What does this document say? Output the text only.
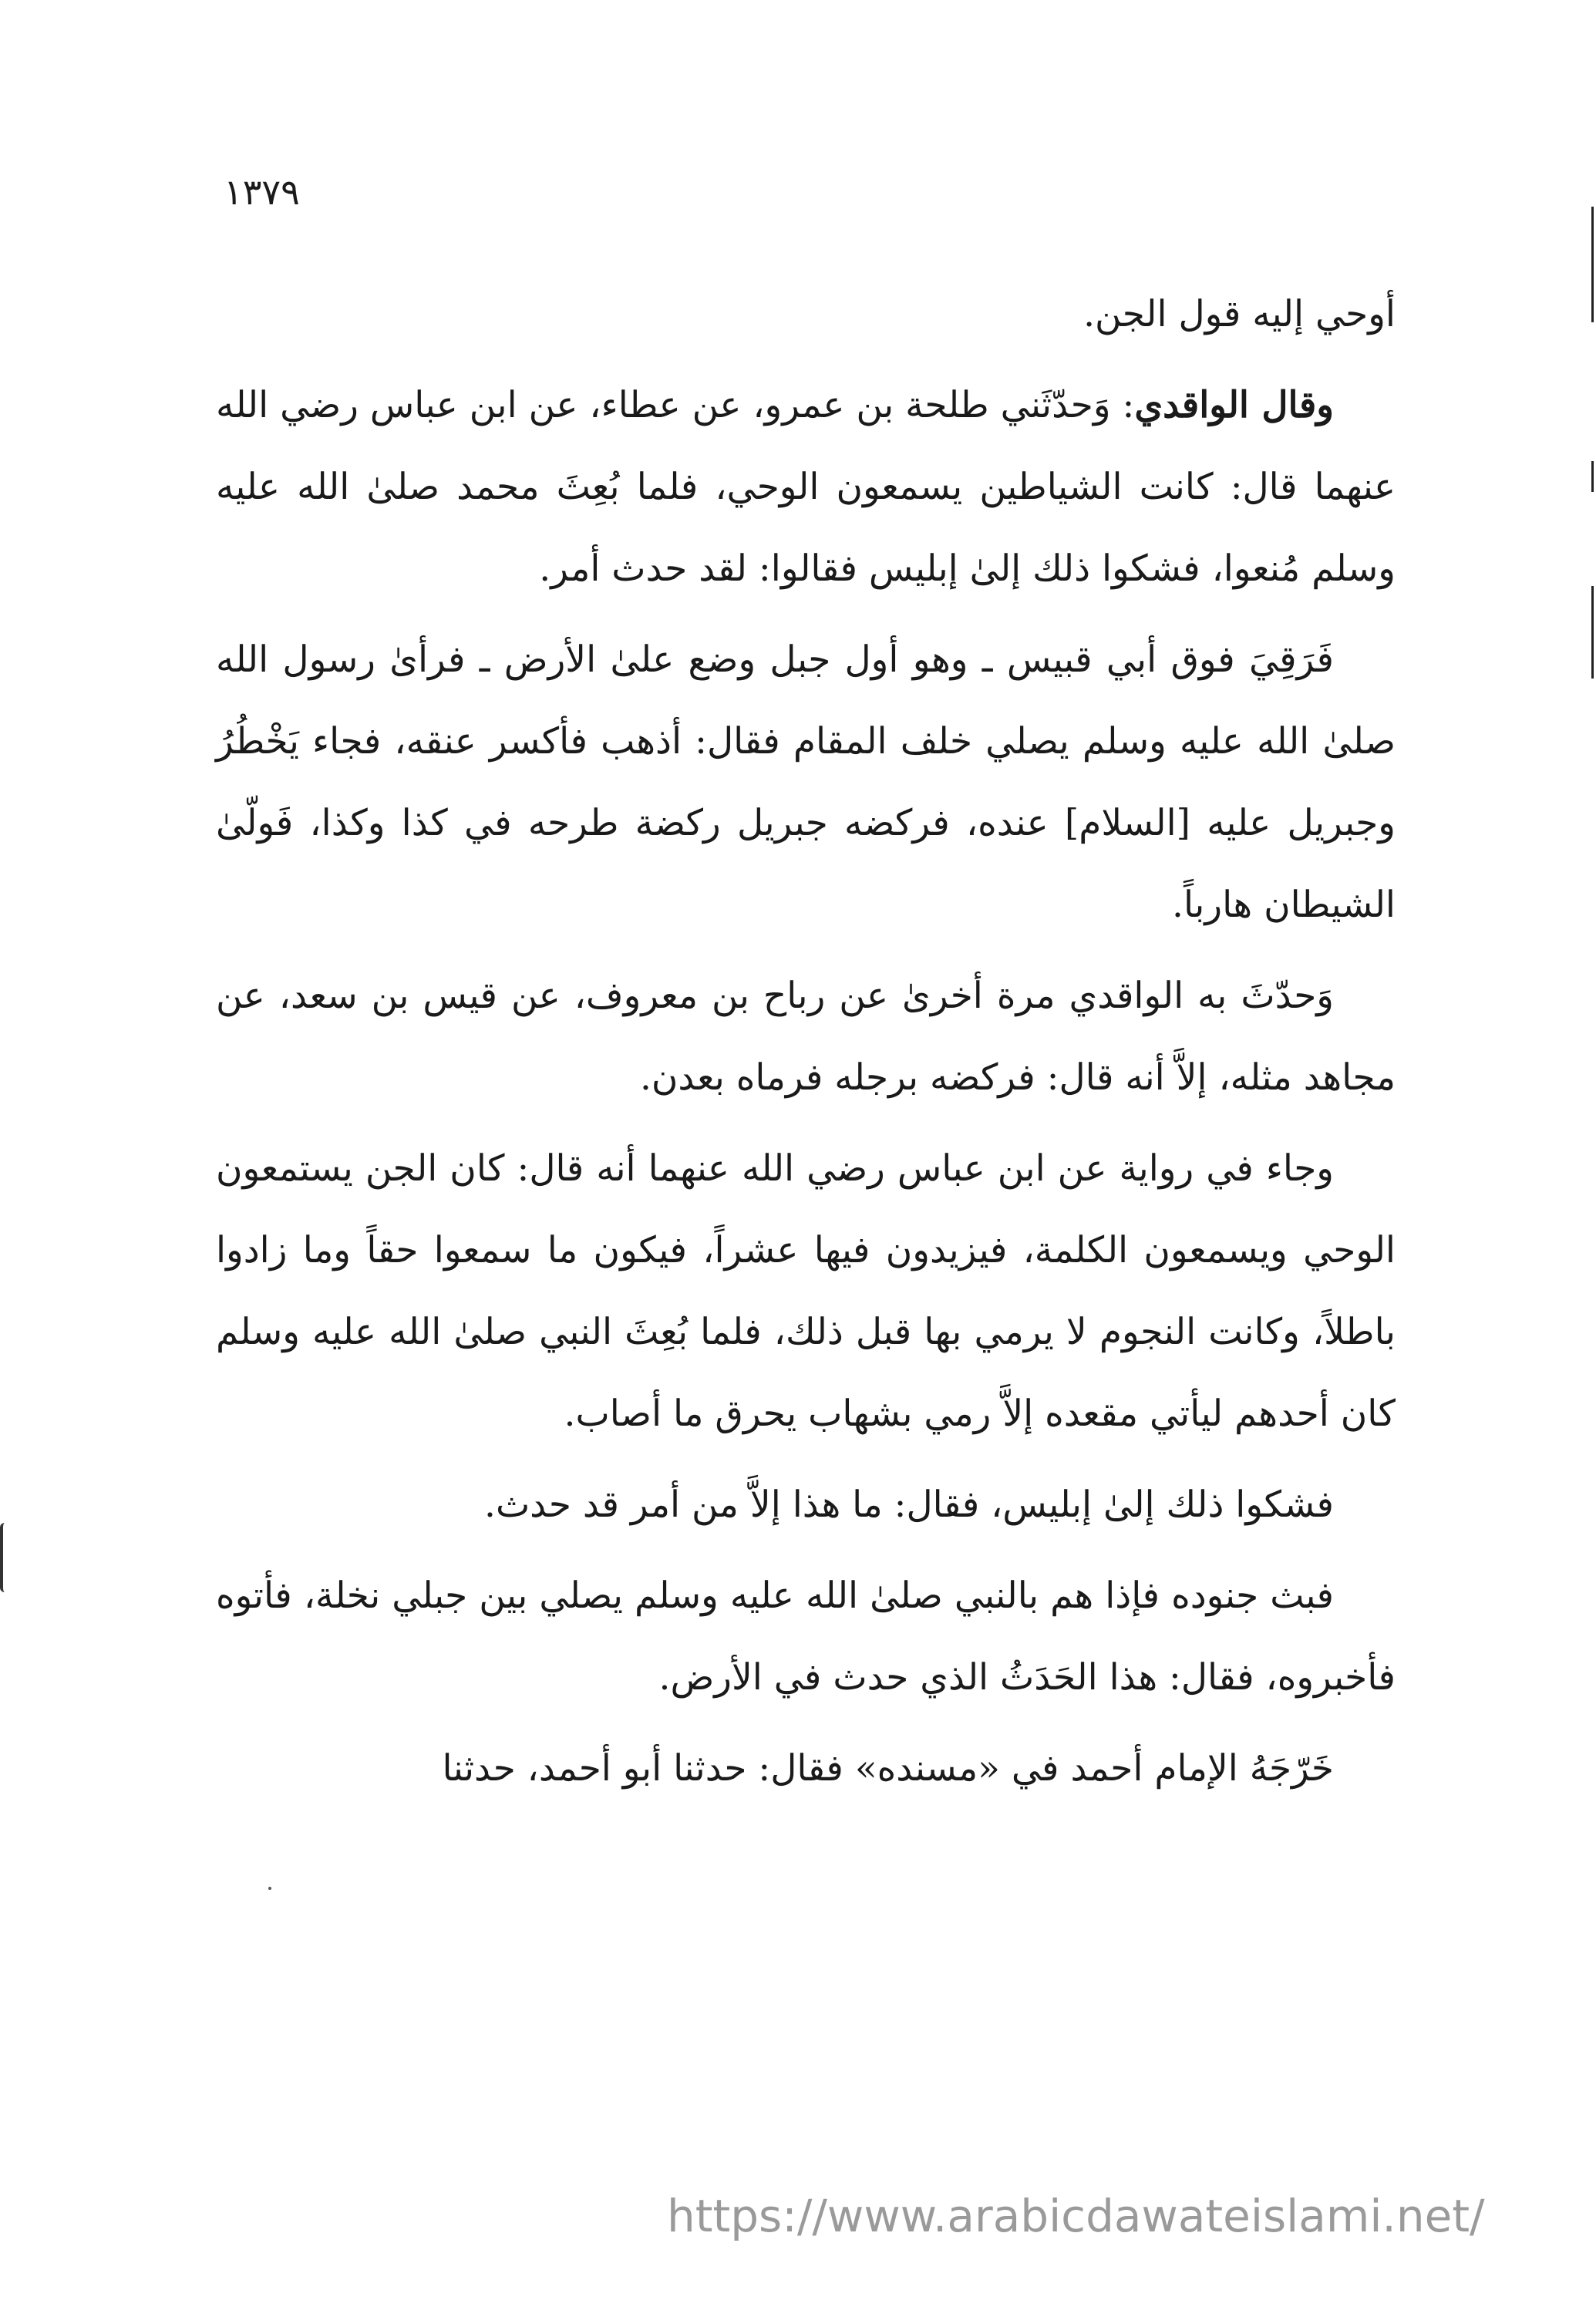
١٣٧٩

أوحي إليه قول الجن.

وقال الواقدي: وَحدّثَني طلحة بن عمرو، عن عطاء، عن ابن عباس رضي الله عنهما قال: كانت الشياطين يسمعون الوحي، فلما بُعِثَ محمد صلىٰ الله عليه وسلم مُنعوا، فشكوا ذلك إلىٰ إبليس فقالوا: لقد حدث أمر.

فَرَقِيَ فوق أبي قبيس ـ وهو أول جبل وضع علىٰ الأرض ـ فرأىٰ رسول الله صلىٰ الله عليه وسلم يصلي خلف المقام فقال: أذهب فأكسر عنقه، فجاء يَخْطُرُ وجبريل عليه [السلام] عنده، فركضه جبريل ركضة طرحه في كذا وكذا، فَولّىٰ الشيطان هارباً.

وَحدّثَ به الواقدي مرة أخرىٰ عن رباح بن معروف، عن قيس بن سعد، عن مجاهد مثله، إلاَّ أنه قال: فركضه برجله فرماه بعدن.

وجاء في رواية عن ابن عباس رضي الله عنهما أنه قال: كان الجن يستمعون الوحي ويسمعون الكلمة، فيزيدون فيها عشراً، فيكون ما سمعوا حقاً وما زادوا باطلاً، وكانت النجوم لا يرمي بها قبل ذلك، فلما بُعِثَ النبي صلىٰ الله عليه وسلم كان أحدهم ليأتي مقعده إلاَّ رمي بشهاب يحرق ما أصاب.

فشكوا ذلك إلىٰ إبليس، فقال: ما هذا إلاَّ من أمر قد حدث.

فبث جنوده فإذا هم بالنبي صلىٰ الله عليه وسلم يصلي بين جبلي نخلة، فأتوه فأخبروه، فقال: هذا الحَدَثُ الذي حدث في الأرض.

خَرّجَهُ الإمام أحمد في «مسنده» فقال: حدثنا أبو أحمد، حدثنا

https://www.arabicdawateislami.net/
